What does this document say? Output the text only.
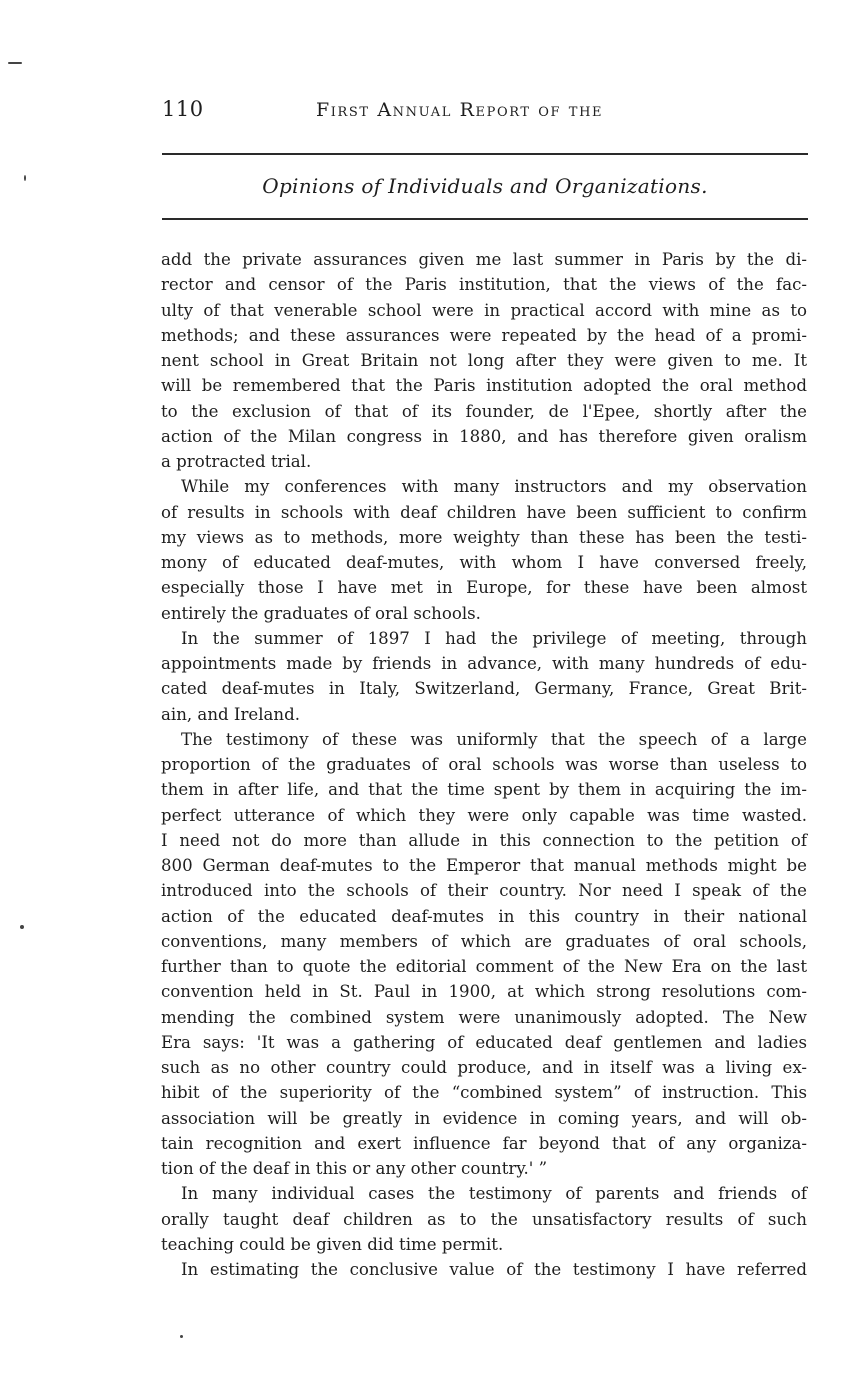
110	First Annual Report of the
Opinions of Individuals and Organizations.
add the private assurances given me last summer in Paris by the di-
rector and censor of the Paris institution, that the views of the fac-
ulty of that venerable school were in practical accord with mine as to
methods; and these assurances were repeated by the head of a promi-
nent school in Great Britain not long after they were given to me. It
will be remembered that the Paris institution adopted the oral method
to the exclusion of that of its founder, de l'Epee, shortly after the
action of the Milan congress in 1880, and has therefore given oralism
a protracted trial.
While my conferences with many instructors and my observation
of results in schools with deaf children have been sufficient to confirm
my views as to methods, more weighty than these has been the testi-
mony of educated deaf-mutes, with whom I have conversed freely,
especially those I have met in Europe, for these have been almost
entirely the graduates of oral schools.
In the summer of 1897 I had the privilege of meeting, through
appointments made by friends in advance, with many hundreds of edu-
cated deaf-mutes in Italy, Switzerland, Germany, France, Great Brit-
ain, and Ireland.
The testimony of these was uniformly that the speech of a large
proportion of the graduates of oral schools was worse than useless to
them in after life, and that the time spent by them in acquiring the im-
perfect utterance of which they were only capable was time wasted.
I need not do more than allude in this connection to the petition of
800 German deaf-mutes to the Emperor that manual methods might be
introduced into the schools of their country. Nor need I speak of the
action of the educated deaf-mutes in this country in their national
conventions, many members of which are graduates of oral schools,
further than to quote the editorial comment of the New Era on the last
convention held in St. Paul in 1900, at which strong resolutions com-
mending the combined system were unanimously adopted. The New
Era says: 'It was a gathering of educated deaf gentlemen and ladies
such as no other country could produce, and in itself was a living ex-
hibit of the superiority of the “combined system” of instruction. This
association will be greatly in evidence in coming years, and will ob-
tain recognition and exert influence far beyond that of any organiza-
tion of the deaf in this or any other country.' ”
In many individual cases the testimony of parents and friends of
orally taught deaf children as to the unsatisfactory results of such
teaching could be given did time permit.
In estimating the conclusive value of the testimony I have referred
